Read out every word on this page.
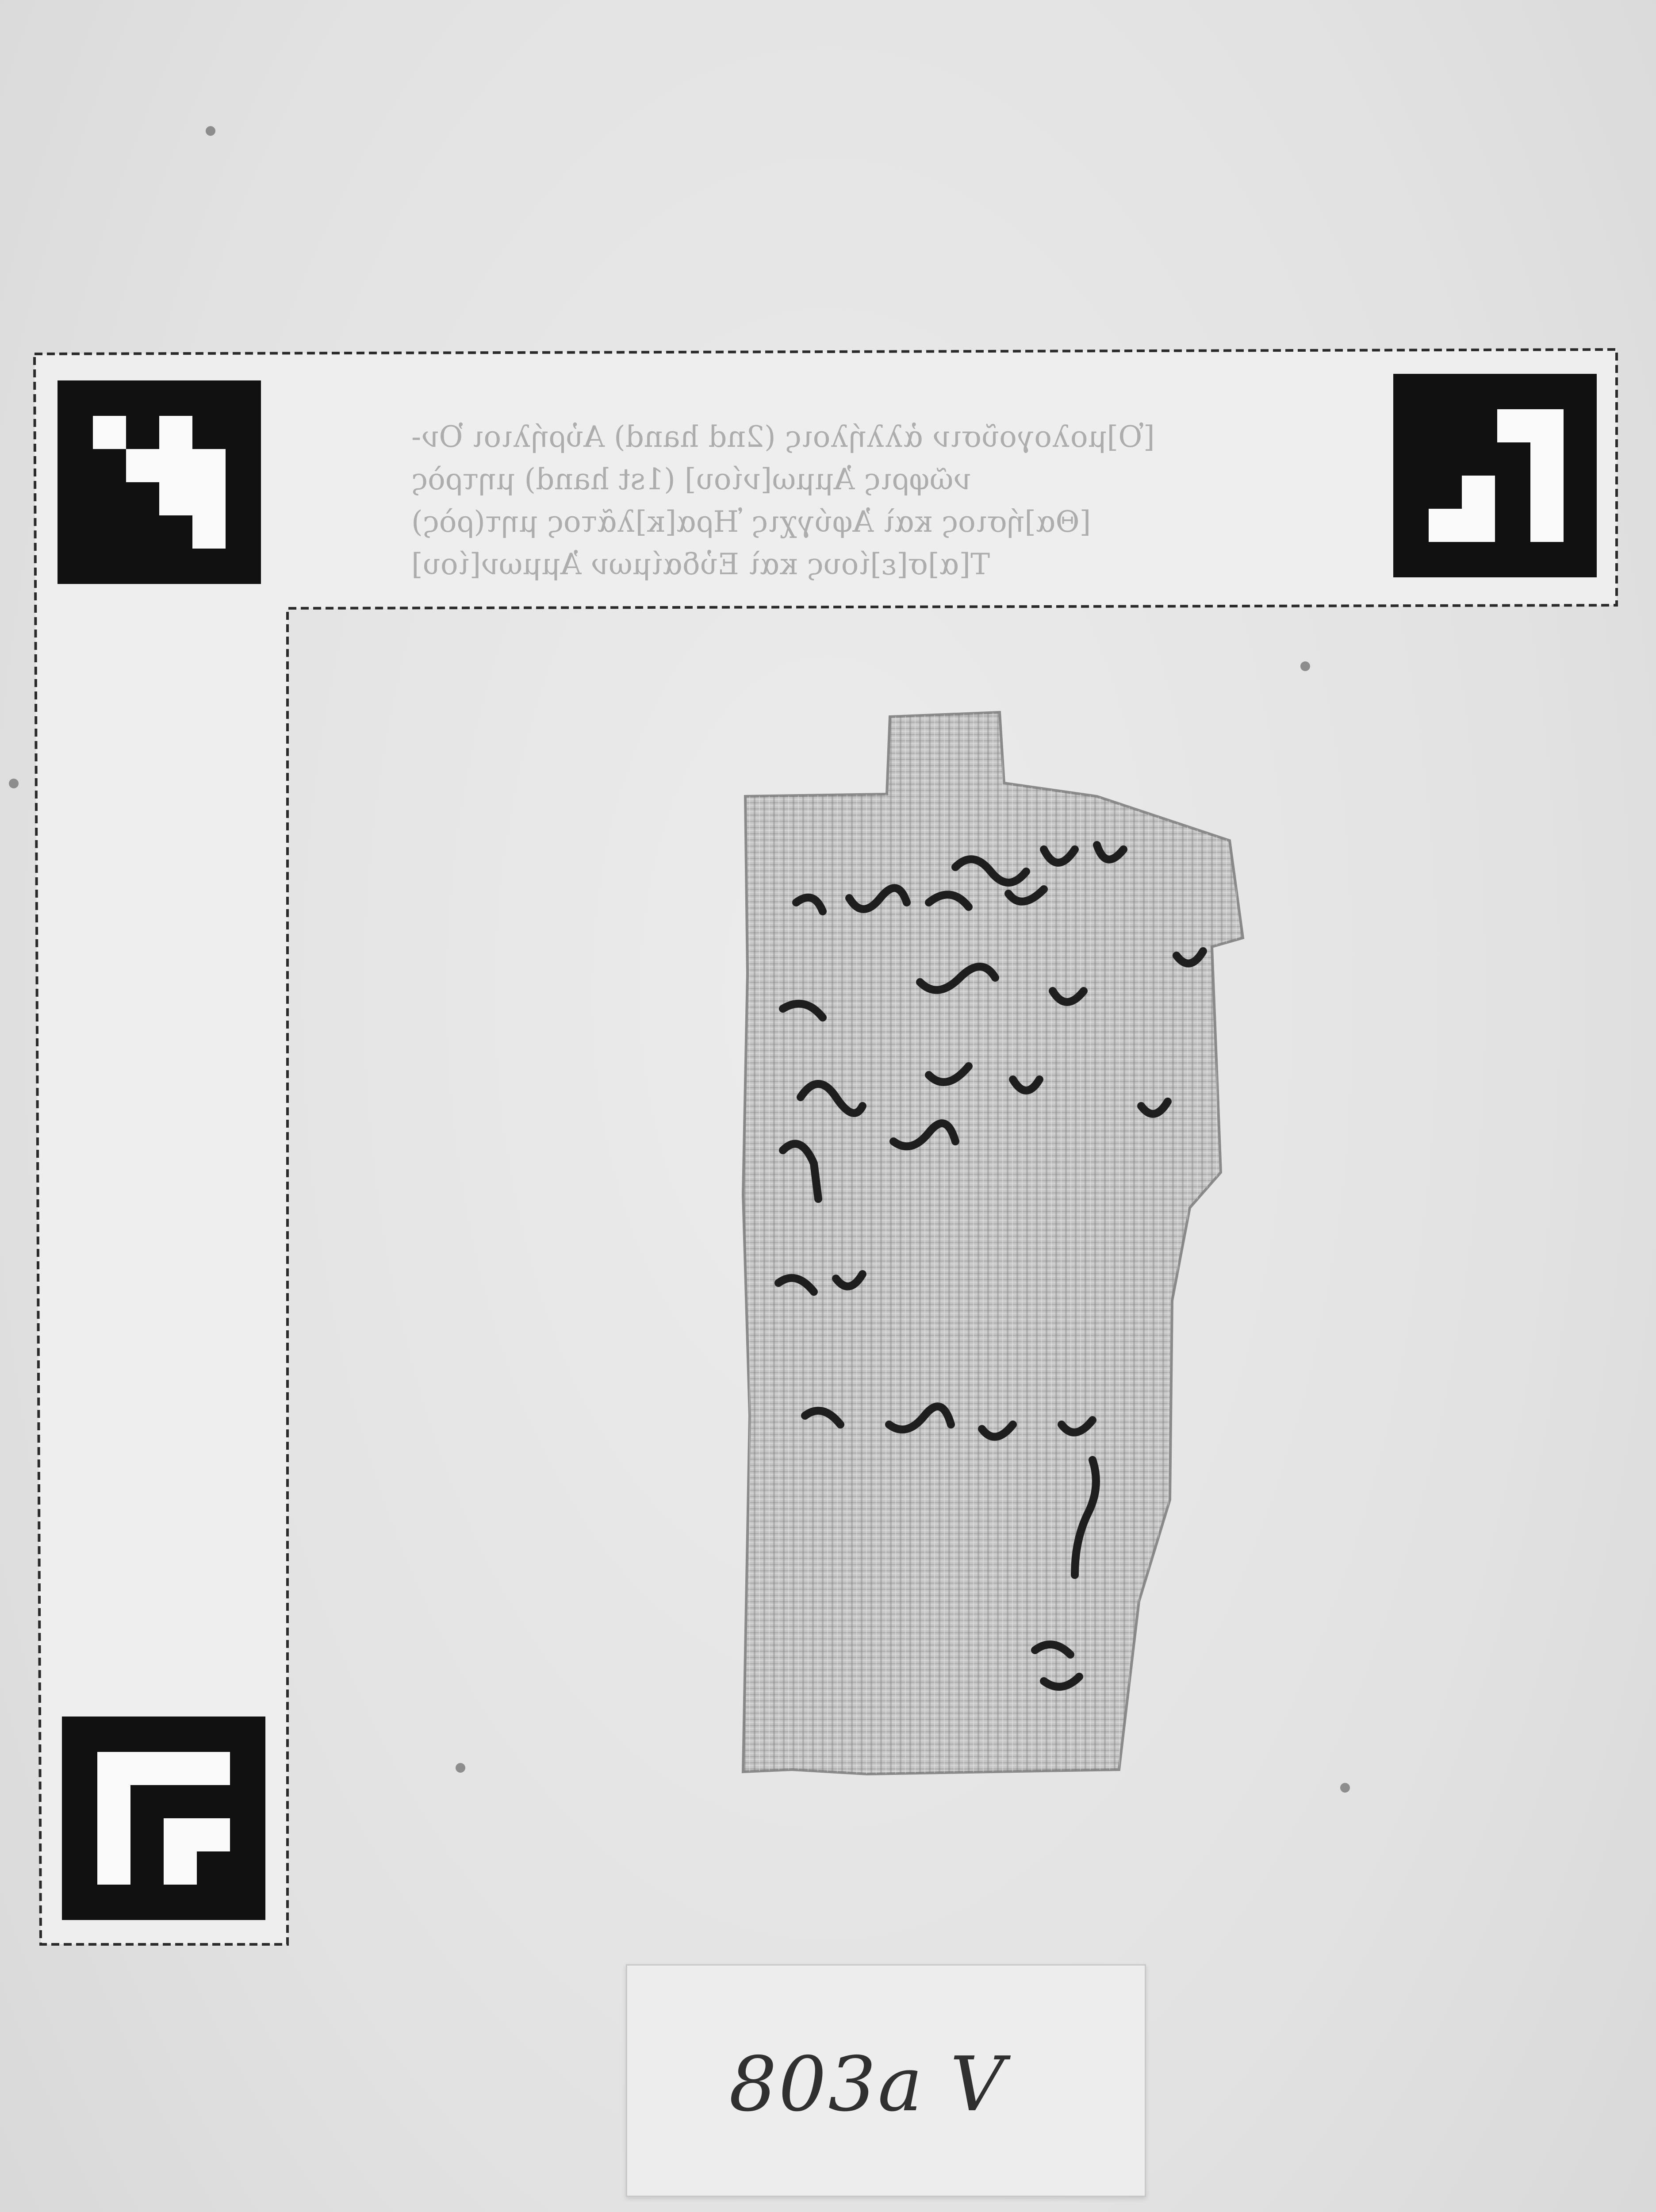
[Ὁ]μολογοῦσιν ἀλλήλοις (2nd hand) Αὐρήλιοι Ὀν-
νῶφρις Ἀμμω[νίου] (1st hand) μητρὸς
[Θα]ήσιος καὶ Ἀφύγχις Ἡρα[κ]λᾶτος μητ(ρὸς)
Τ[α]σ[ε]ίους καὶ Εὐδαίμων Ἀμμων[ίου]
803a V
